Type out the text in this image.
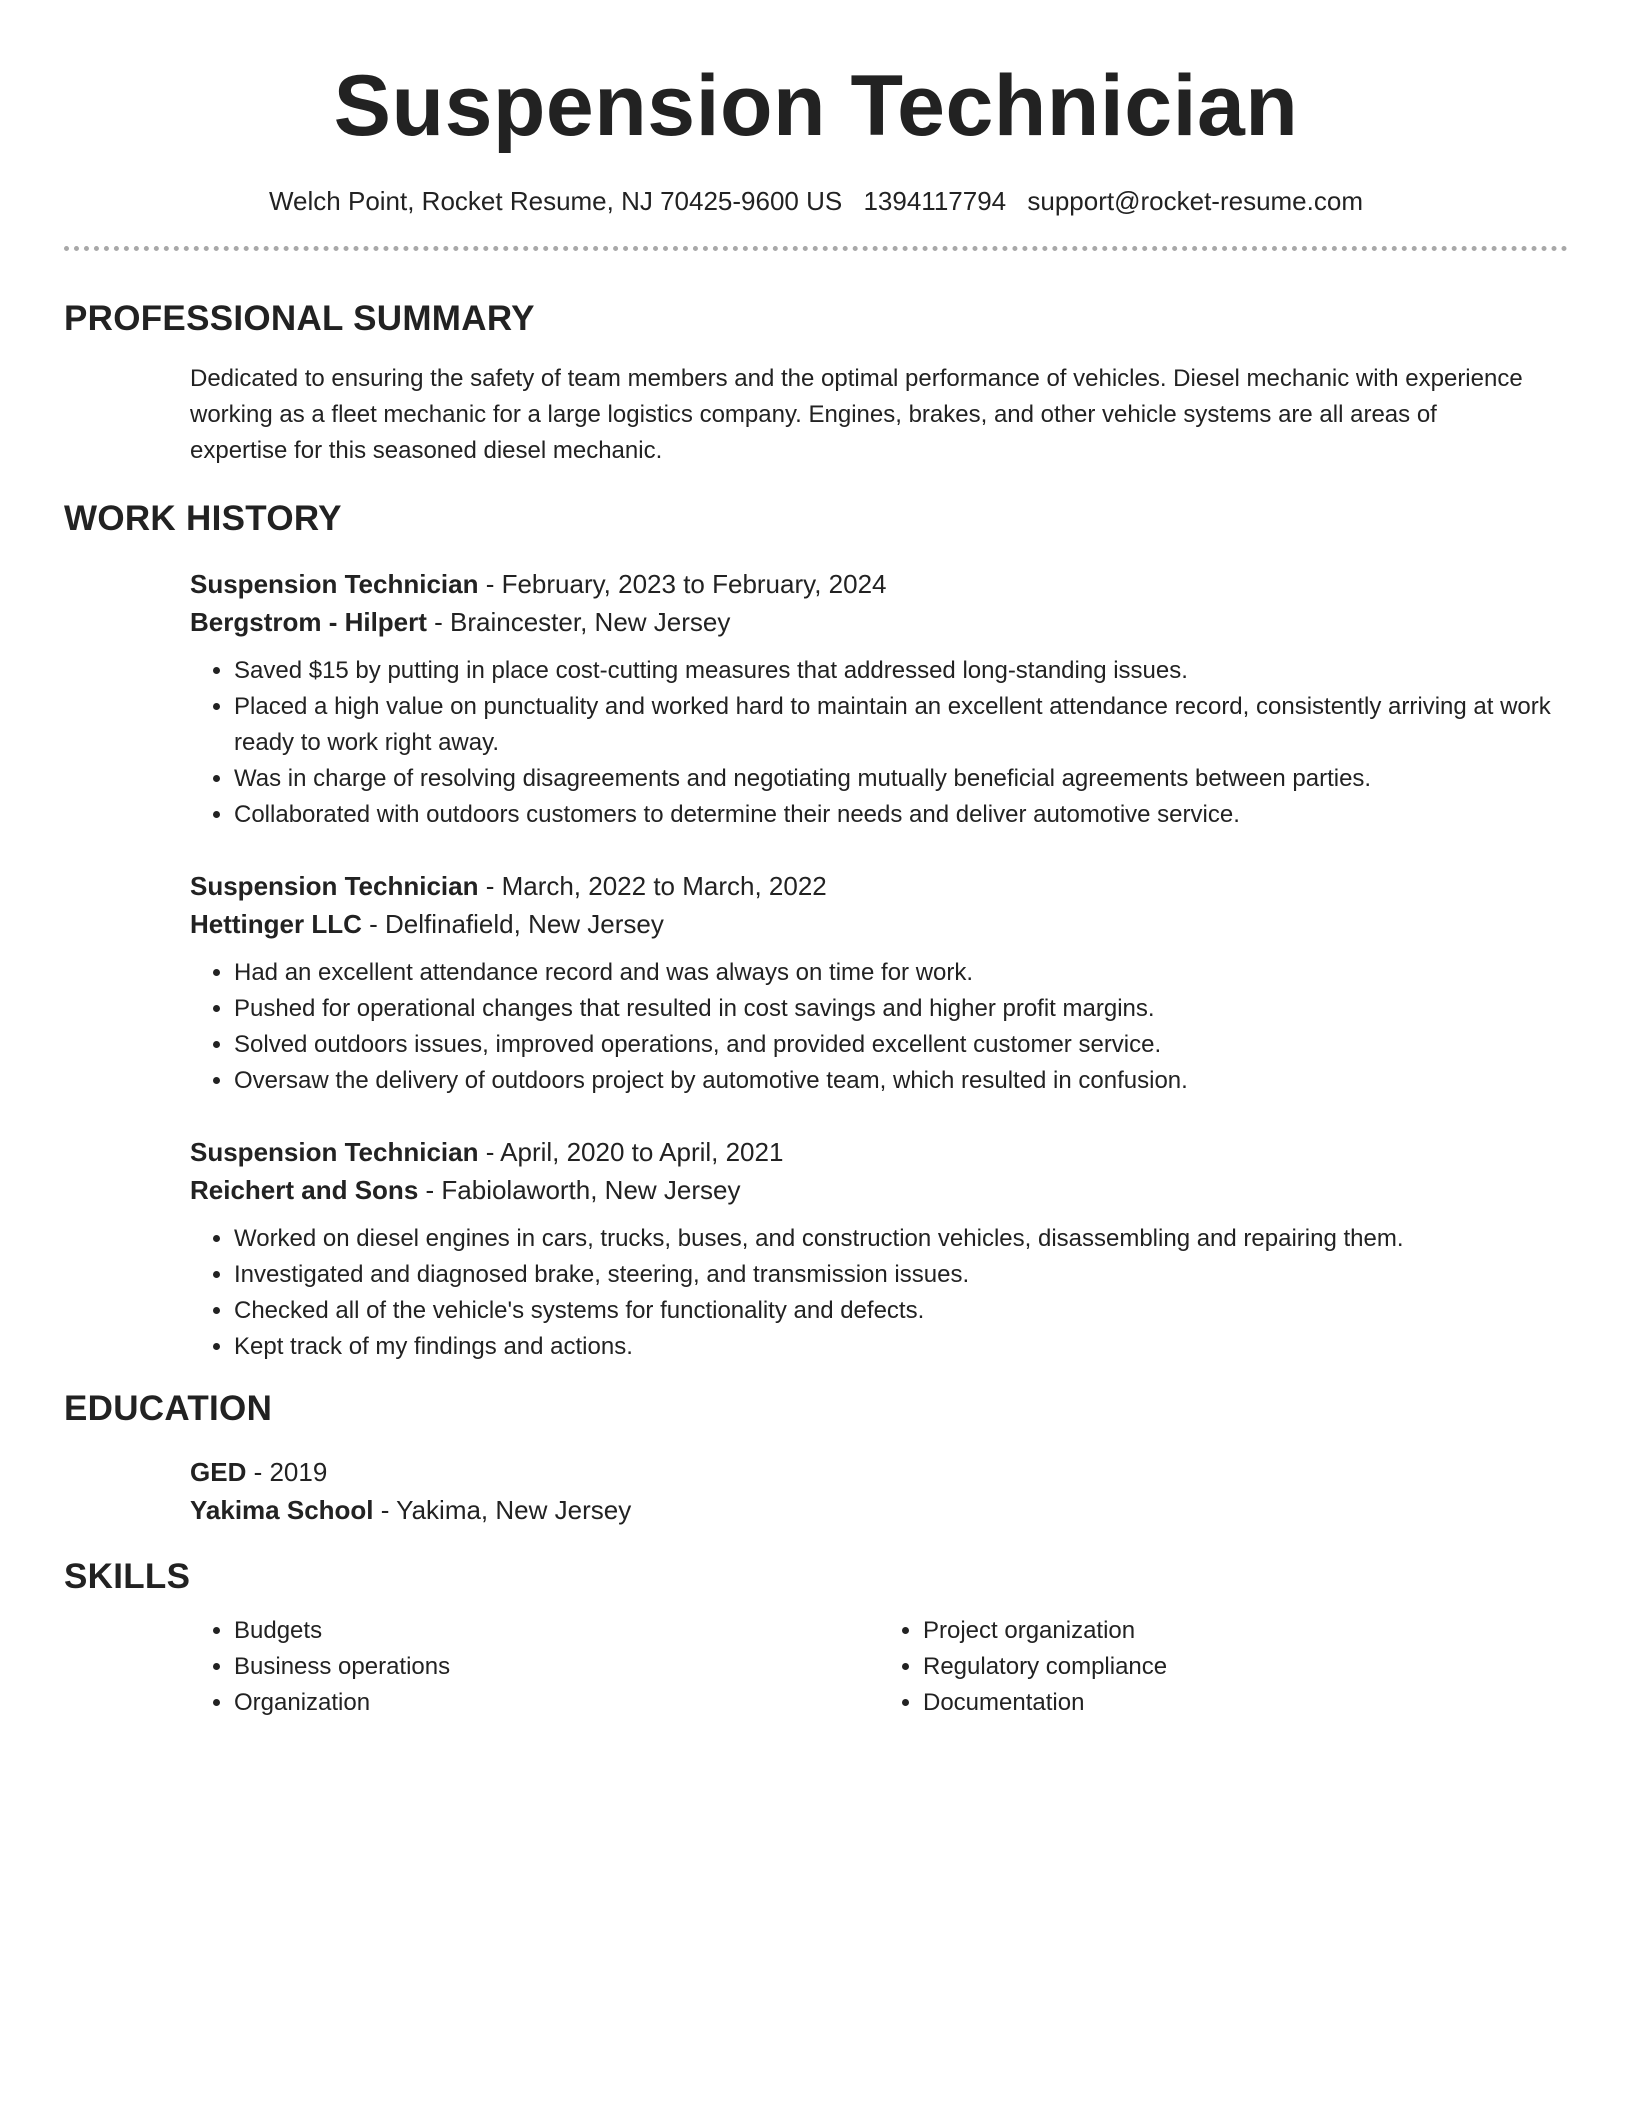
Suspension Technician
Welch Point, Rocket Resume, NJ 70425-9600 US 1394117794 support@rocket-resume.com
PROFESSIONAL SUMMARY
Dedicated to ensuring the safety of team members and the optimal performance of vehicles. Diesel mechanic with experience working as a fleet mechanic for a large logistics company. Engines, brakes, and other vehicle systems are all areas of expertise for this seasoned diesel mechanic.
WORK HISTORY
Suspension Technician - February, 2023 to February, 2024
Bergstrom - Hilpert - Braincester, New Jersey
• Saved $15 by putting in place cost-cutting measures that addressed long-standing issues.
• Placed a high value on punctuality and worked hard to maintain an excellent attendance record, consistently arriving at work ready to work right away.
• Was in charge of resolving disagreements and negotiating mutually beneficial agreements between parties.
• Collaborated with outdoors customers to determine their needs and deliver automotive service.
Suspension Technician - March, 2022 to March, 2022
Hettinger LLC - Delfinafield, New Jersey
• Had an excellent attendance record and was always on time for work.
• Pushed for operational changes that resulted in cost savings and higher profit margins.
• Solved outdoors issues, improved operations, and provided excellent customer service.
• Oversaw the delivery of outdoors project by automotive team, which resulted in confusion.
Suspension Technician - April, 2020 to April, 2021
Reichert and Sons - Fabiolaworth, New Jersey
• Worked on diesel engines in cars, trucks, buses, and construction vehicles, disassembling and repairing them.
• Investigated and diagnosed brake, steering, and transmission issues.
• Checked all of the vehicle's systems for functionality and defects.
• Kept track of my findings and actions.
EDUCATION
GED - 2019
Yakima School - Yakima, New Jersey
SKILLS
• Budgets
• Business operations
• Organization
• Project organization
• Regulatory compliance
• Documentation
